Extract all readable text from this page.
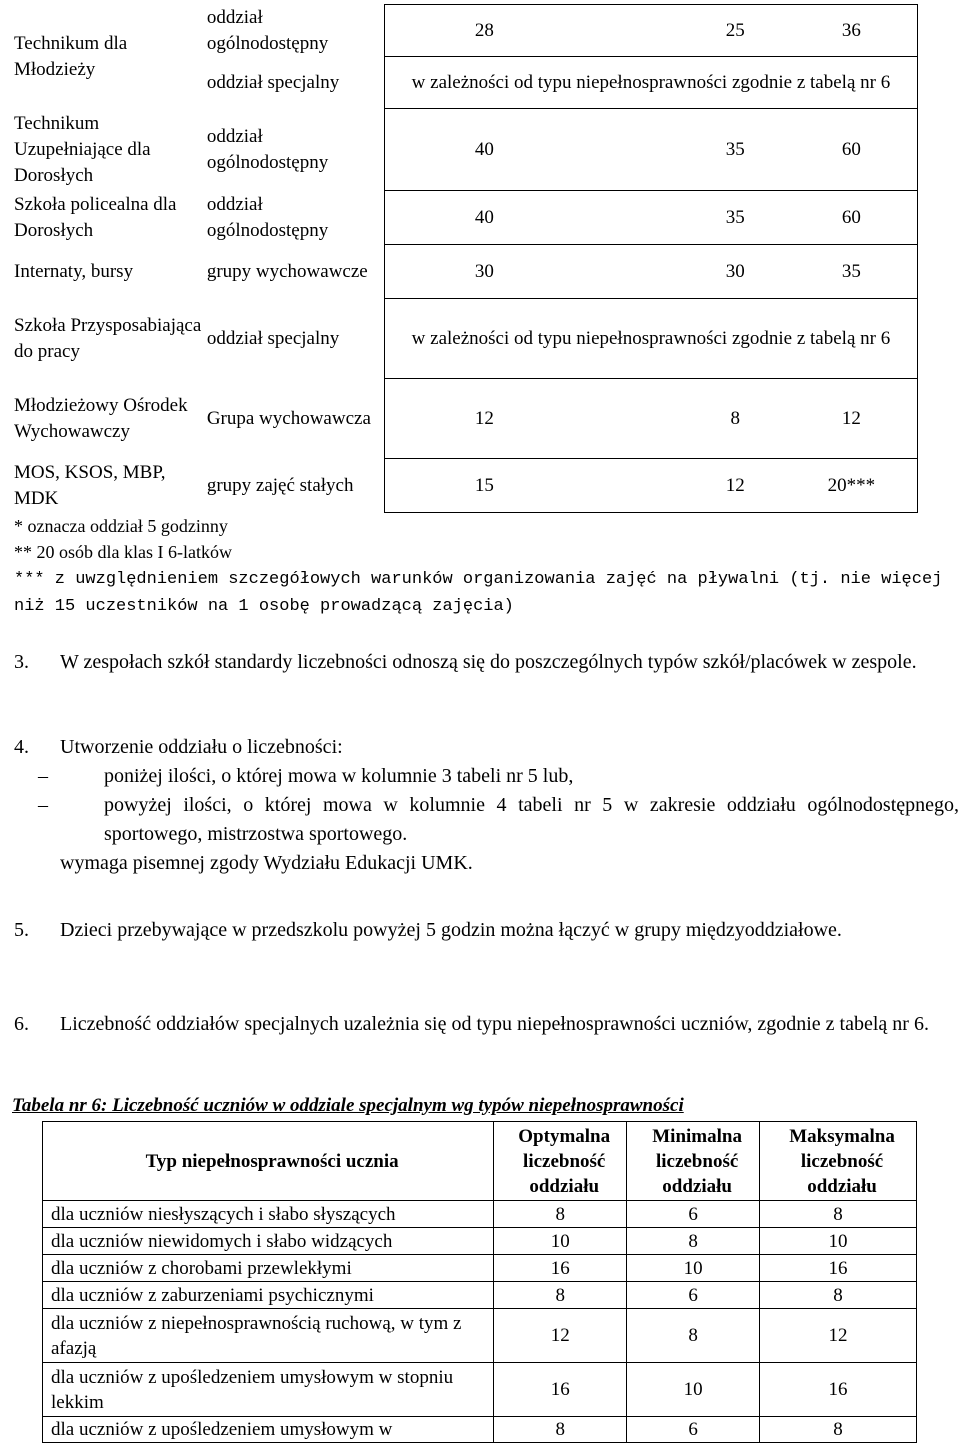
Technikum dla Młodzieży	oddział ogólnodostępny	28	25	36
	oddział specjalny	w zależności od typu niepełnosprawności zgodnie z tabelą nr 6		
Technikum Uzupełniające dla Dorosłych	oddział ogólnodostępny	40	35	60
Szkoła policealna dla Dorosłych	oddział ogólnodostępny	40	35	60
Internaty, bursy	grupy wychowawcze	30	30	35
Szkoła Przysposabiająca do pracy	oddział specjalny	w zależności od typu niepełnosprawności zgodnie z tabelą nr 6		
Młodzieżowy Ośrodek Wychowawczy	Grupa wychowawcza	12	8	12
MOS, KSOS, MBP, MDK	grupy zajęć stałych	15	12	20***

* oznacza oddział 5 godzinny

** 20 osób dla klas I 6-latków

*** z uwzględnieniem szczegółowych warunków organizowania zajęć na pływalni (tj. nie więcej niż 15 uczestników na 1 osobę prowadzącą zajęcia)

3. W zespołach szkół standardy liczebności odnoszą się do poszczególnych typów szkół/placówek w zespole.
4. Utworzenie oddziału o liczebności:
–	poniżej ilości, o której mowa w kolumnie 3 tabeli nr 5 lub,
–	powyżej ilości, o której mowa w kolumnie 4 tabeli nr 5 w zakresie oddziału ogólnodostępnego, sportowego, mistrzostwa sportowego.
wymaga pisemnej zgody Wydziału Edukacji UMK.
5. Dzieci przebywające w przedszkolu powyżej 5 godzin można łączyć w grupy międzyoddziałowe.
6. Liczebność oddziałów specjalnych uzależnia się od typu niepełnosprawności uczniów, zgodnie z tabelą nr 6.

Tabela nr 6: Liczebność uczniów w oddziale specjalnym wg typów niepełnosprawności

Typ niepełnosprawności ucznia	Optymalna liczebność oddziału	Minimalna liczebność oddziału	Maksymalna liczebność oddziału
dla uczniów niesłyszących i słabo słyszących	8	6	8
dla uczniów niewidomych i słabo widzących	10	8	10
dla uczniów z chorobami przewlekłymi	16	10	16
dla uczniów z zaburzeniami psychicznymi	8	6	8
dla uczniów z niepełnosprawnością ruchową, w tym z afazją	12	8	12
dla uczniów z upośledzeniem umysłowym w stopniu lekkim	16	10	16
dla uczniów z upośledzeniem umysłowym w	8	6	8
